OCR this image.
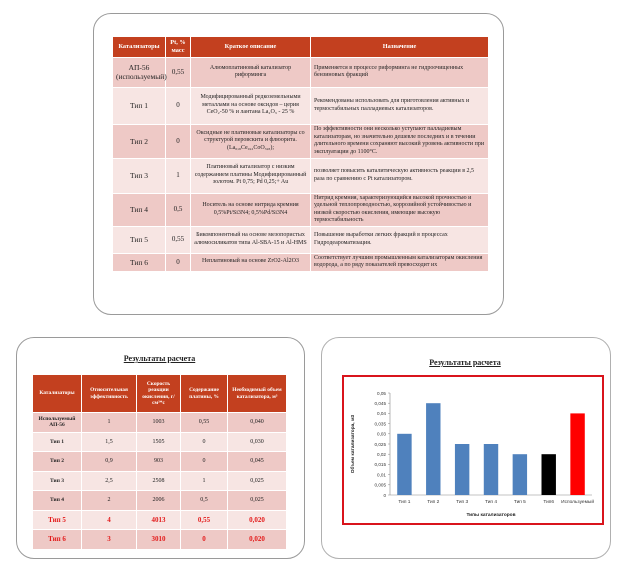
Катализаторы	Pt, % масс	Краткое описание	Назначение
АП-56 (используемый)	0,55	Алюмоплатиновый катализатор риформинга	Применяется в процессе риформинга не гидроочищенных бензиновых фракций
Тип 1	0	Модифицированный редкоземельными металлами на основе оксидов – церия CeO₂-50 % и лантана La₂O₃ - 25 %	Рекомендованы использовать для приготовления активных и термостабильных палладиевых катализаторов.
Тип 2	0	Оксидные не платиновые катализаторы со структурой перовскита и флюорита. (La₀,₈Ce₀,₂CoO₃,₈);	По эффективности они несколько уступают палладиевым катализаторам, но значительно дешевле последних и в течении длительного времени сохраняют высокий уровень активности при эксплуатации до 1100°С.
Тип 3	1	Платиновый катализатор с низким содержанием платины Модифицированный золотом. Pt 0,75; Pd 0,25;+ Au	позволяет повысить каталитическую активность реакции в 2,5 раза по сравнению с Pt катализатором.
Тип 4	0,5	Носитель на основе нитрида кремния 0,5%Pt/Si3N4; 0,5%Pd/Si3N4	Нитрид кремния, характеризующийся высокой прочностью и удельной теплопроводностью, коррозийной устойчивостью и низкой скоростью окисления, имеющие высокую термостабильность
Тип 5	0,55	Бикомпонентный на основе мезопористых алюмосиликатов типа Al-SBA-15 и Al-HMS	Повышение выработки легких фракций в процессах Гидродеароматизация.
Тип 6	0	Неплатиновый на основе ZrO2-Al2O3	Соответствует лучшим промышленным катализаторам окисления водорода, а по ряду показателей превосходит их
Результаты расчета
Катализаторы	Относительная эффективность	Скорость реакции окисления, г/см³*с	Содержание платины, %	Необходимый объем катализатора, м³
Используемый АП-56	1	1003	0,55	0,040
Тип 1	1,5	1505	0	0,030
Тип 2	0,9	903	0	0,045
Тип 3	2,5	2508	1	0,025
Тип 4	2	2006	0,5	0,025
Тип 5	4	4013	0,55	0,020
Тип 6	3	3010	0	0,020
Результаты расчета
0
0,005
0,01
0,015
0,02
0,025
0,03
0,035
0,04
0,045
0,05
Тип 1	Тип 2	Тип 3	Тип 4	Тип 5	Тип6 Используемый
Объем катализатора, м3
Типы катализаторов
